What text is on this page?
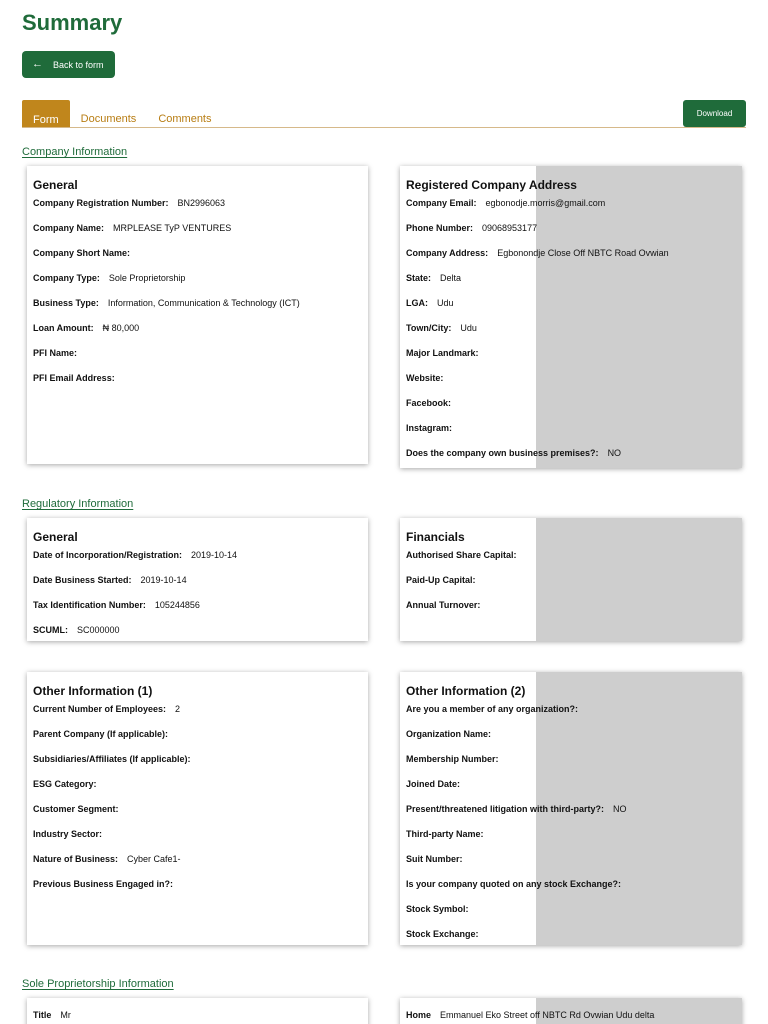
Summary
← Back to form
Form	Documents	Comments	Download
Company Information
General
Company Registration Number: BN2996063
Company Name: MRPLEASE TyP VENTURES
Company Short Name:
Company Type: Sole Proprietorship
Business Type: Information, Communication & Technology (ICT)
Loan Amount: ₦ 80,000
PFI Name:
PFI Email Address:
Registered Company Address
Company Email: egbonodje.morris@gmail.com
Phone Number: 09068953177
Company Address: Egbonondje Close Off NBTC Road Ovwian
State: Delta
LGA: Udu
Town/City: Udu
Major Landmark:
Website:
Facebook:
Instagram:
Does the company own business premises?: NO
Regulatory Information
General
Date of Incorporation/Registration: 2019-10-14
Date Business Started: 2019-10-14
Tax Identification Number: 105244856
SCUML: SC000000
Financials
Authorised Share Capital:
Paid-Up Capital:
Annual Turnover:
Other Information (1)
Current Number of Employees: 2
Parent Company (If applicable):
Subsidiaries/Affiliates (If applicable):
ESG Category:
Customer Segment:
Industry Sector:
Nature of Business: Cyber Cafe1-
Previous Business Engaged in?:
Other Information (2)
Are you a member of any organization?:
Organization Name:
Membership Number:
Joined Date:
Present/threatened litigation with third-party?: NO
Third-party Name:
Suit Number:
Is your company quoted on any stock Exchange?:
Stock Symbol:
Stock Exchange:
Sole Proprietorship Information
Title Mr	Home Emmanuel Eko Street off NBTC Rd Ovwian Udu delta
